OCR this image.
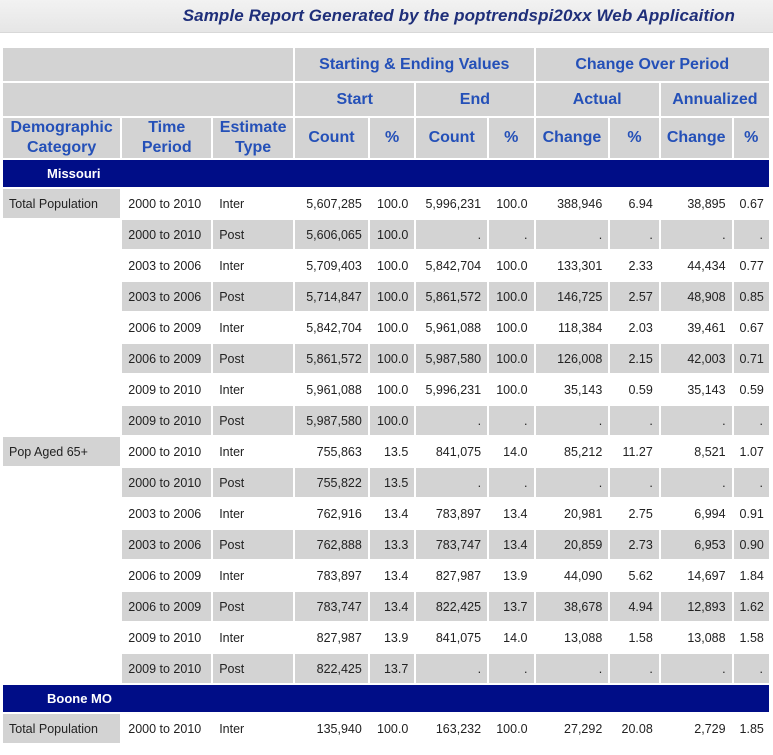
Sample Report Generated by the poptrendspi20xx Web Applicaition
			Starting & Ending Values				Change Over Period			
			Start		End		Actual		Annualized	
Demographic Category	Time Period	Estimate Type	Count	%	Count	%	Change	%	Change	%
Missouri										
Total Population	2000 to 2010	Inter	5,607,285	100.0	5,996,231	100.0	388,946	6.94	38,895	0.67
	2000 to 2010	Post	5,606,065	100.0	.	.	.	.	.	.
	2003 to 2006	Inter	5,709,403	100.0	5,842,704	100.0	133,301	2.33	44,434	0.77
	2003 to 2006	Post	5,714,847	100.0	5,861,572	100.0	146,725	2.57	48,908	0.85
	2006 to 2009	Inter	5,842,704	100.0	5,961,088	100.0	118,384	2.03	39,461	0.67
	2006 to 2009	Post	5,861,572	100.0	5,987,580	100.0	126,008	2.15	42,003	0.71
	2009 to 2010	Inter	5,961,088	100.0	5,996,231	100.0	35,143	0.59	35,143	0.59
	2009 to 2010	Post	5,987,580	100.0	.	.	.	.	.	.
Pop Aged 65+	2000 to 2010	Inter	755,863	13.5	841,075	14.0	85,212	11.27	8,521	1.07
	2000 to 2010	Post	755,822	13.5	.	.	.	.	.	.
	2003 to 2006	Inter	762,916	13.4	783,897	13.4	20,981	2.75	6,994	0.91
	2003 to 2006	Post	762,888	13.3	783,747	13.4	20,859	2.73	6,953	0.90
	2006 to 2009	Inter	783,897	13.4	827,987	13.9	44,090	5.62	14,697	1.84
	2006 to 2009	Post	783,747	13.4	822,425	13.7	38,678	4.94	12,893	1.62
	2009 to 2010	Inter	827,987	13.9	841,075	14.0	13,088	1.58	13,088	1.58
	2009 to 2010	Post	822,425	13.7	.	.	.	.	.	.
Boone MO										
Total Population	2000 to 2010	Inter	135,940	100.0	163,232	100.0	27,292	20.08	2,729	1.85
